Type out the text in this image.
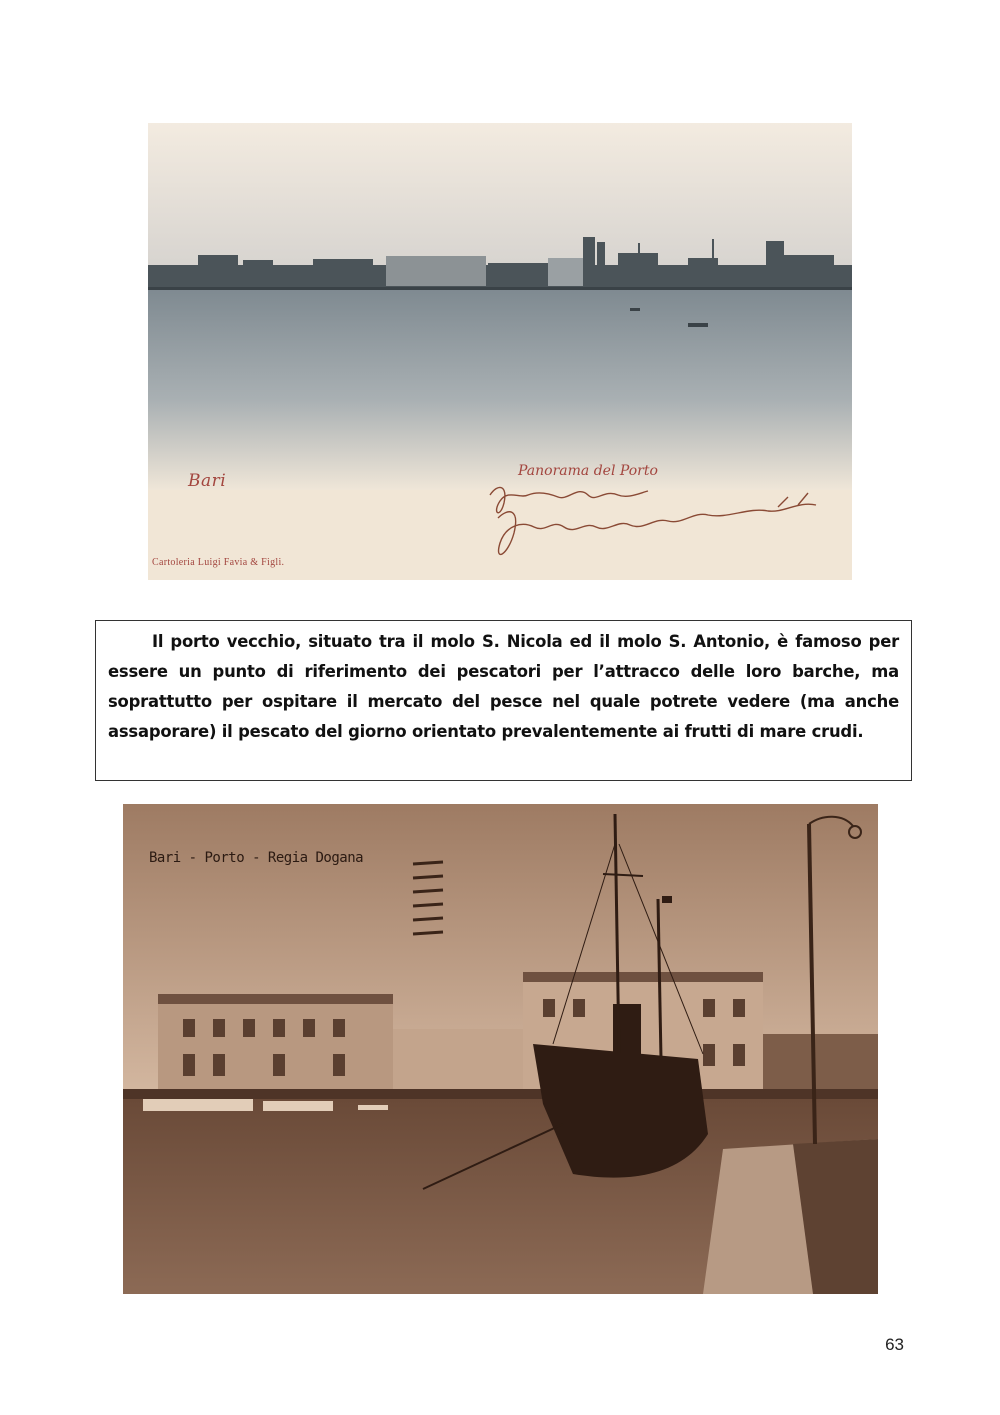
Bari	Panorama del Porto
Cartoleria Luigi Favia & Figli.

Il porto vecchio, situato tra il molo S. Nicola ed il molo S. Antonio, è famoso per essere un punto di riferimento dei pescatori per l’attracco delle loro barche, ma soprattutto per ospitare il mercato del pesce nel quale potrete vedere (ma anche assaporare) il pescato del giorno orientato prevalentemente ai frutti di mare crudi.

Bari - Porto - Regia Dogana
63
